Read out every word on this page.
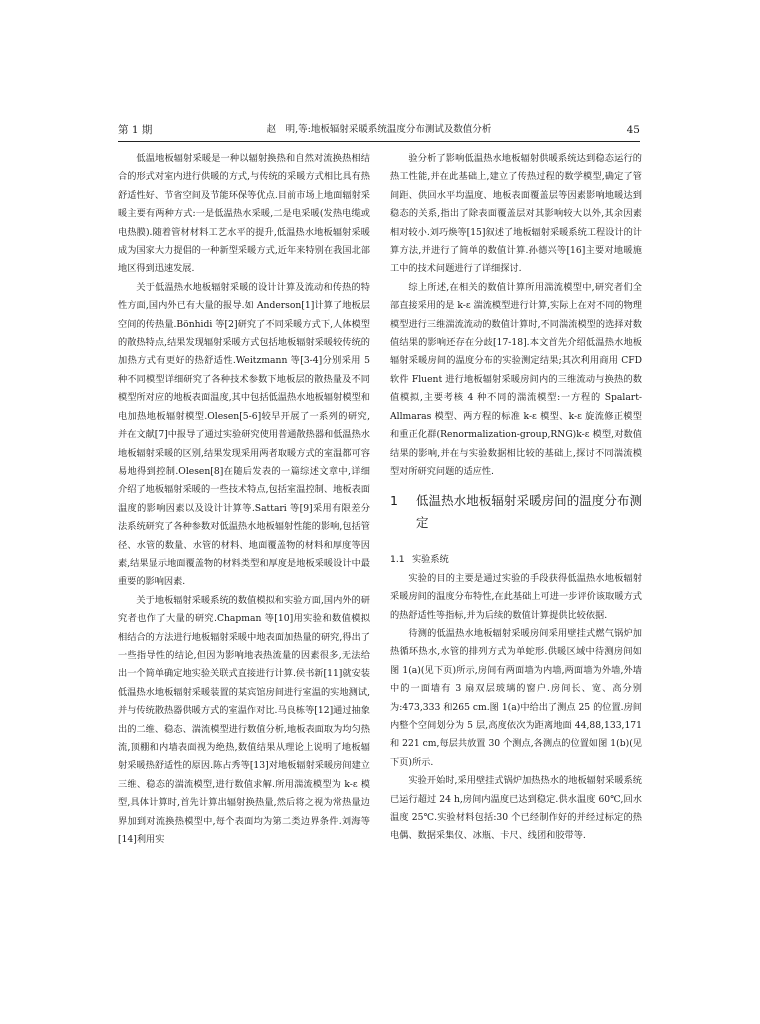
第 1 期	赵　明,等:地板辐射采暖系统温度分布测试及数值分析	45

低温地板辐射采暖是一种以辐射换热和自然对流换热相结合的形式对室内进行供暖的方式,与传统的采暖方式相比具有热舒适性好、节省空间及节能环保等优点.目前市场上地面辐射采暖主要有两种方式:一是低温热水采暖,二是电采暖(发热电缆或电热膜).随着管材材料工艺水平的提升,低温热水地板辐射采暖成为国家大力提倡的一种新型采暖方式,近年来特别在我国北部地区得到迅速发展.

关于低温热水地板辐射采暖的设计计算及流动和传热的特性方面,国内外已有大量的报导.如 Anderson[1]计算了地板层空间的传热量.Bönhidi 等[2]研究了不同采暖方式下,人体模型的散热特点,结果发现辐射采暖方式包括地板辐射采暖较传统的加热方式有更好的热舒适性.Weitzmann 等[3-4]分别采用 5 种不同模型详细研究了各种技术参数下地板层的散热量及不同模型所对应的地板表面温度,其中包括低温热水地板辐射模型和电加热地板辐射模型.Olesen[5-6]较早开展了一系列的研究,并在文献[7]中报导了通过实验研究使用普通散热器和低温热水地板辐射采暖的区别,结果发现采用两者取暖方式的室温都可容易地得到控制.Olesen[8]在随后发表的一篇综述文章中,详细介绍了地板辐射采暖的一些技术特点,包括室温控制、地板表面温度的影响因素以及设计计算等.Sattari 等[9]采用有限差分法系统研究了各种参数对低温热水地板辐射性能的影响,包括管径、水管的数量、水管的材料、地面覆盖物的材料和厚度等因素,结果显示地面覆盖物的材料类型和厚度是地板采暖设计中最重要的影响因素.

关于地板辐射采暖系统的数值模拟和实验方面,国内外的研究者也作了大量的研究.Chapman 等[10]用实验和数值模拟相结合的方法进行地板辐射采暖中地表面加热量的研究,得出了一些指导性的结论,但因为影响地表热流量的因素很多,无法给出一个简单确定地实验关联式直接进行计算.侯书新[11]就安装低温热水地板辐射采暖装置的某宾馆房间进行室温的实地测试,并与传统散热器供暖方式的室温作对比.马良栋等[12]通过抽象出的二维、稳态、湍流模型进行数值分析,地板表面取为均匀热流,顶棚和内墙表面视为绝热,数值结果从理论上说明了地板辐射采暖热舒适性的原因.陈占秀等[13]对地板辐射采暖房间建立三维、稳态的湍流模型,进行数值求解.所用湍流模型为 k-ε 模型,具体计算时,首先计算出辐射换热量,然后将之视为常热量边界加到对流换热模型中,每个表面均为第二类边界条件.刘海等[14]利用实

验分析了影响低温热水地板辐射供暖系统达到稳态运行的热工性能,并在此基础上,建立了传热过程的数学模型,确定了管间距、供回水平均温度、地板表面覆盖层等因素影响地暖达到稳态的关系,指出了除表面覆盖层对其影响较大以外,其余因素相对较小.刘巧焕等[15]叙述了地板辐射采暖系统工程设计的计算方法,并进行了简单的数值计算.孙德兴等[16]主要对地暖施工中的技术问题进行了详细探讨.

综上所述,在相关的数值计算所用湍流模型中,研究者们全部直接采用的是 k-ε 湍流模型进行计算,实际上在对不同的物理模型进行三维湍流流动的数值计算时,不同湍流模型的选择对数值结果的影响还存在分歧[17-18].本文首先介绍低温热水地板辐射采暖房间的温度分布的实验测定结果;其次利用商用 CFD 软件 Fluent 进行地板辐射采暖房间内的三维流动与换热的数值模拟,主要考核 4 种不同的湍流模型:一方程的 Spalart-Allmaras 模型、两方程的标准 k-ε 模型、k-ε 旋流修正模型和重正化群(Renormalization-group,RNG)k-ε 模型,对数值结果的影响,并在与实验数据相比较的基础上,探讨不同湍流模型对所研究问题的适应性.

1	低温热水地板辐射采暖房间的温度分布测定
1.1 实验系统

实验的目的主要是通过实验的手段获得低温热水地板辐射采暖房间的温度分布特性,在此基础上可进一步评价该取暖方式的热舒适性等指标,并为后续的数值计算提供比较依据.

待测的低温热水地板辐射采暖房间采用壁挂式燃气锅炉加热循环热水,水管的排列方式为单蛇形.供暖区域中待测房间如图 1(a)(见下页)所示,房间有两面墙为内墙,两面墙为外墙,外墙中的一面墙有 3 扇双层玻璃的窗户.房间长、宽、高分别为:473,333 和265 cm.图 1(a)中给出了测点 25 的位置.房间内整个空间划分为 5 层,高度依次为距离地面 44,88,133,171 和 221 cm,每层共放置 30 个测点,各测点的位置如图 1(b)(见下页)所示.

实验开始时,采用壁挂式锅炉加热热水的地板辐射采暖系统已运行超过 24 h,房间内温度已达到稳定.供水温度 60℃,回水温度 25℃.实验材料包括:30 个已经制作好的并经过标定的热电偶、数据采集仪、冰瓶、卡尺、线团和胶带等.
